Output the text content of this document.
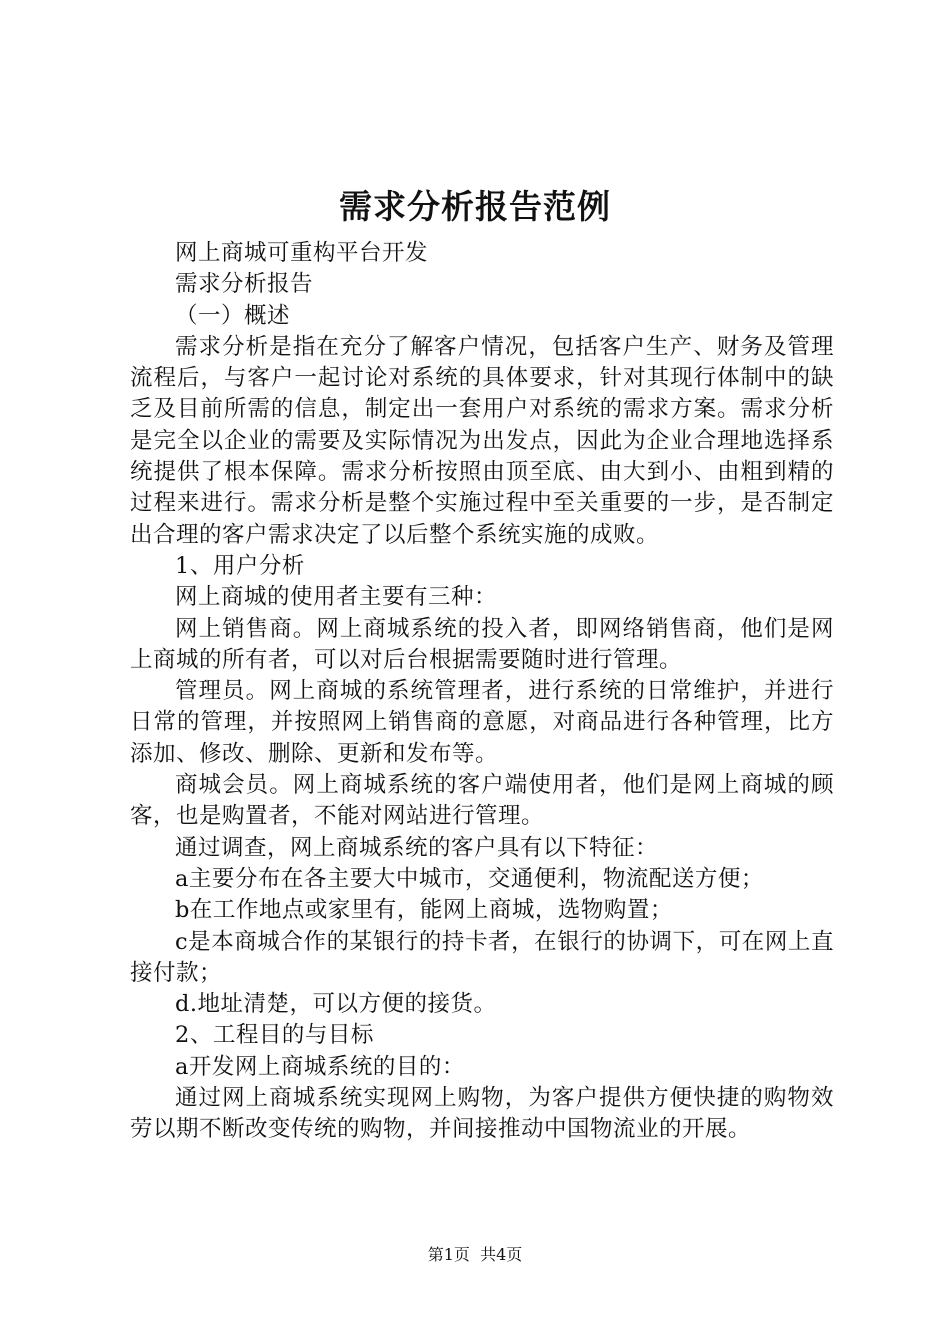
需求分析报告范例

网上商城可重构平台开发

需求分析报告

（一）概述

需求分析是指在充分了解客户情况，包括客户生产、财务及管理流程后，与客户一起讨论对系统的具体要求，针对其现行体制中的缺乏及目前所需的信息，制定出一套用户对系统的需求方案。需求分析是完全以企业的需要及实际情况为出发点，因此为企业合理地选择系统提供了根本保障。需求分析按照由顶至底、由大到小、由粗到精的过程来进行。需求分析是整个实施过程中至关重要的一步，是否制定出合理的客户需求决定了以后整个系统实施的成败。

1、用户分析

网上商城的使用者主要有三种：

网上销售商。网上商城系统的投入者，即网络销售商，他们是网上商城的所有者，可以对后台根据需要随时进行管理。

管理员。网上商城的系统管理者，进行系统的日常维护，并进行日常的管理，并按照网上销售商的意愿，对商品进行各种管理，比方添加、修改、删除、更新和发布等。

商城会员。网上商城系统的客户端使用者，他们是网上商城的顾客，也是购置者，不能对网站进行管理。

通过调查，网上商城系统的客户具有以下特征：

a主要分布在各主要大中城市，交通便利，物流配送方便；

b在工作地点或家里有，能网上商城，选物购置；

c是本商城合作的某银行的持卡者，在银行的协调下，可在网上直接付款；

d.地址清楚，可以方便的接货。

2、工程目的与目标

a开发网上商城系统的目的：

通过网上商城系统实现网上购物，为客户提供方便快捷的购物效劳以期不断改变传统的购物，并间接推动中国物流业的开展。

第1页 共4页
